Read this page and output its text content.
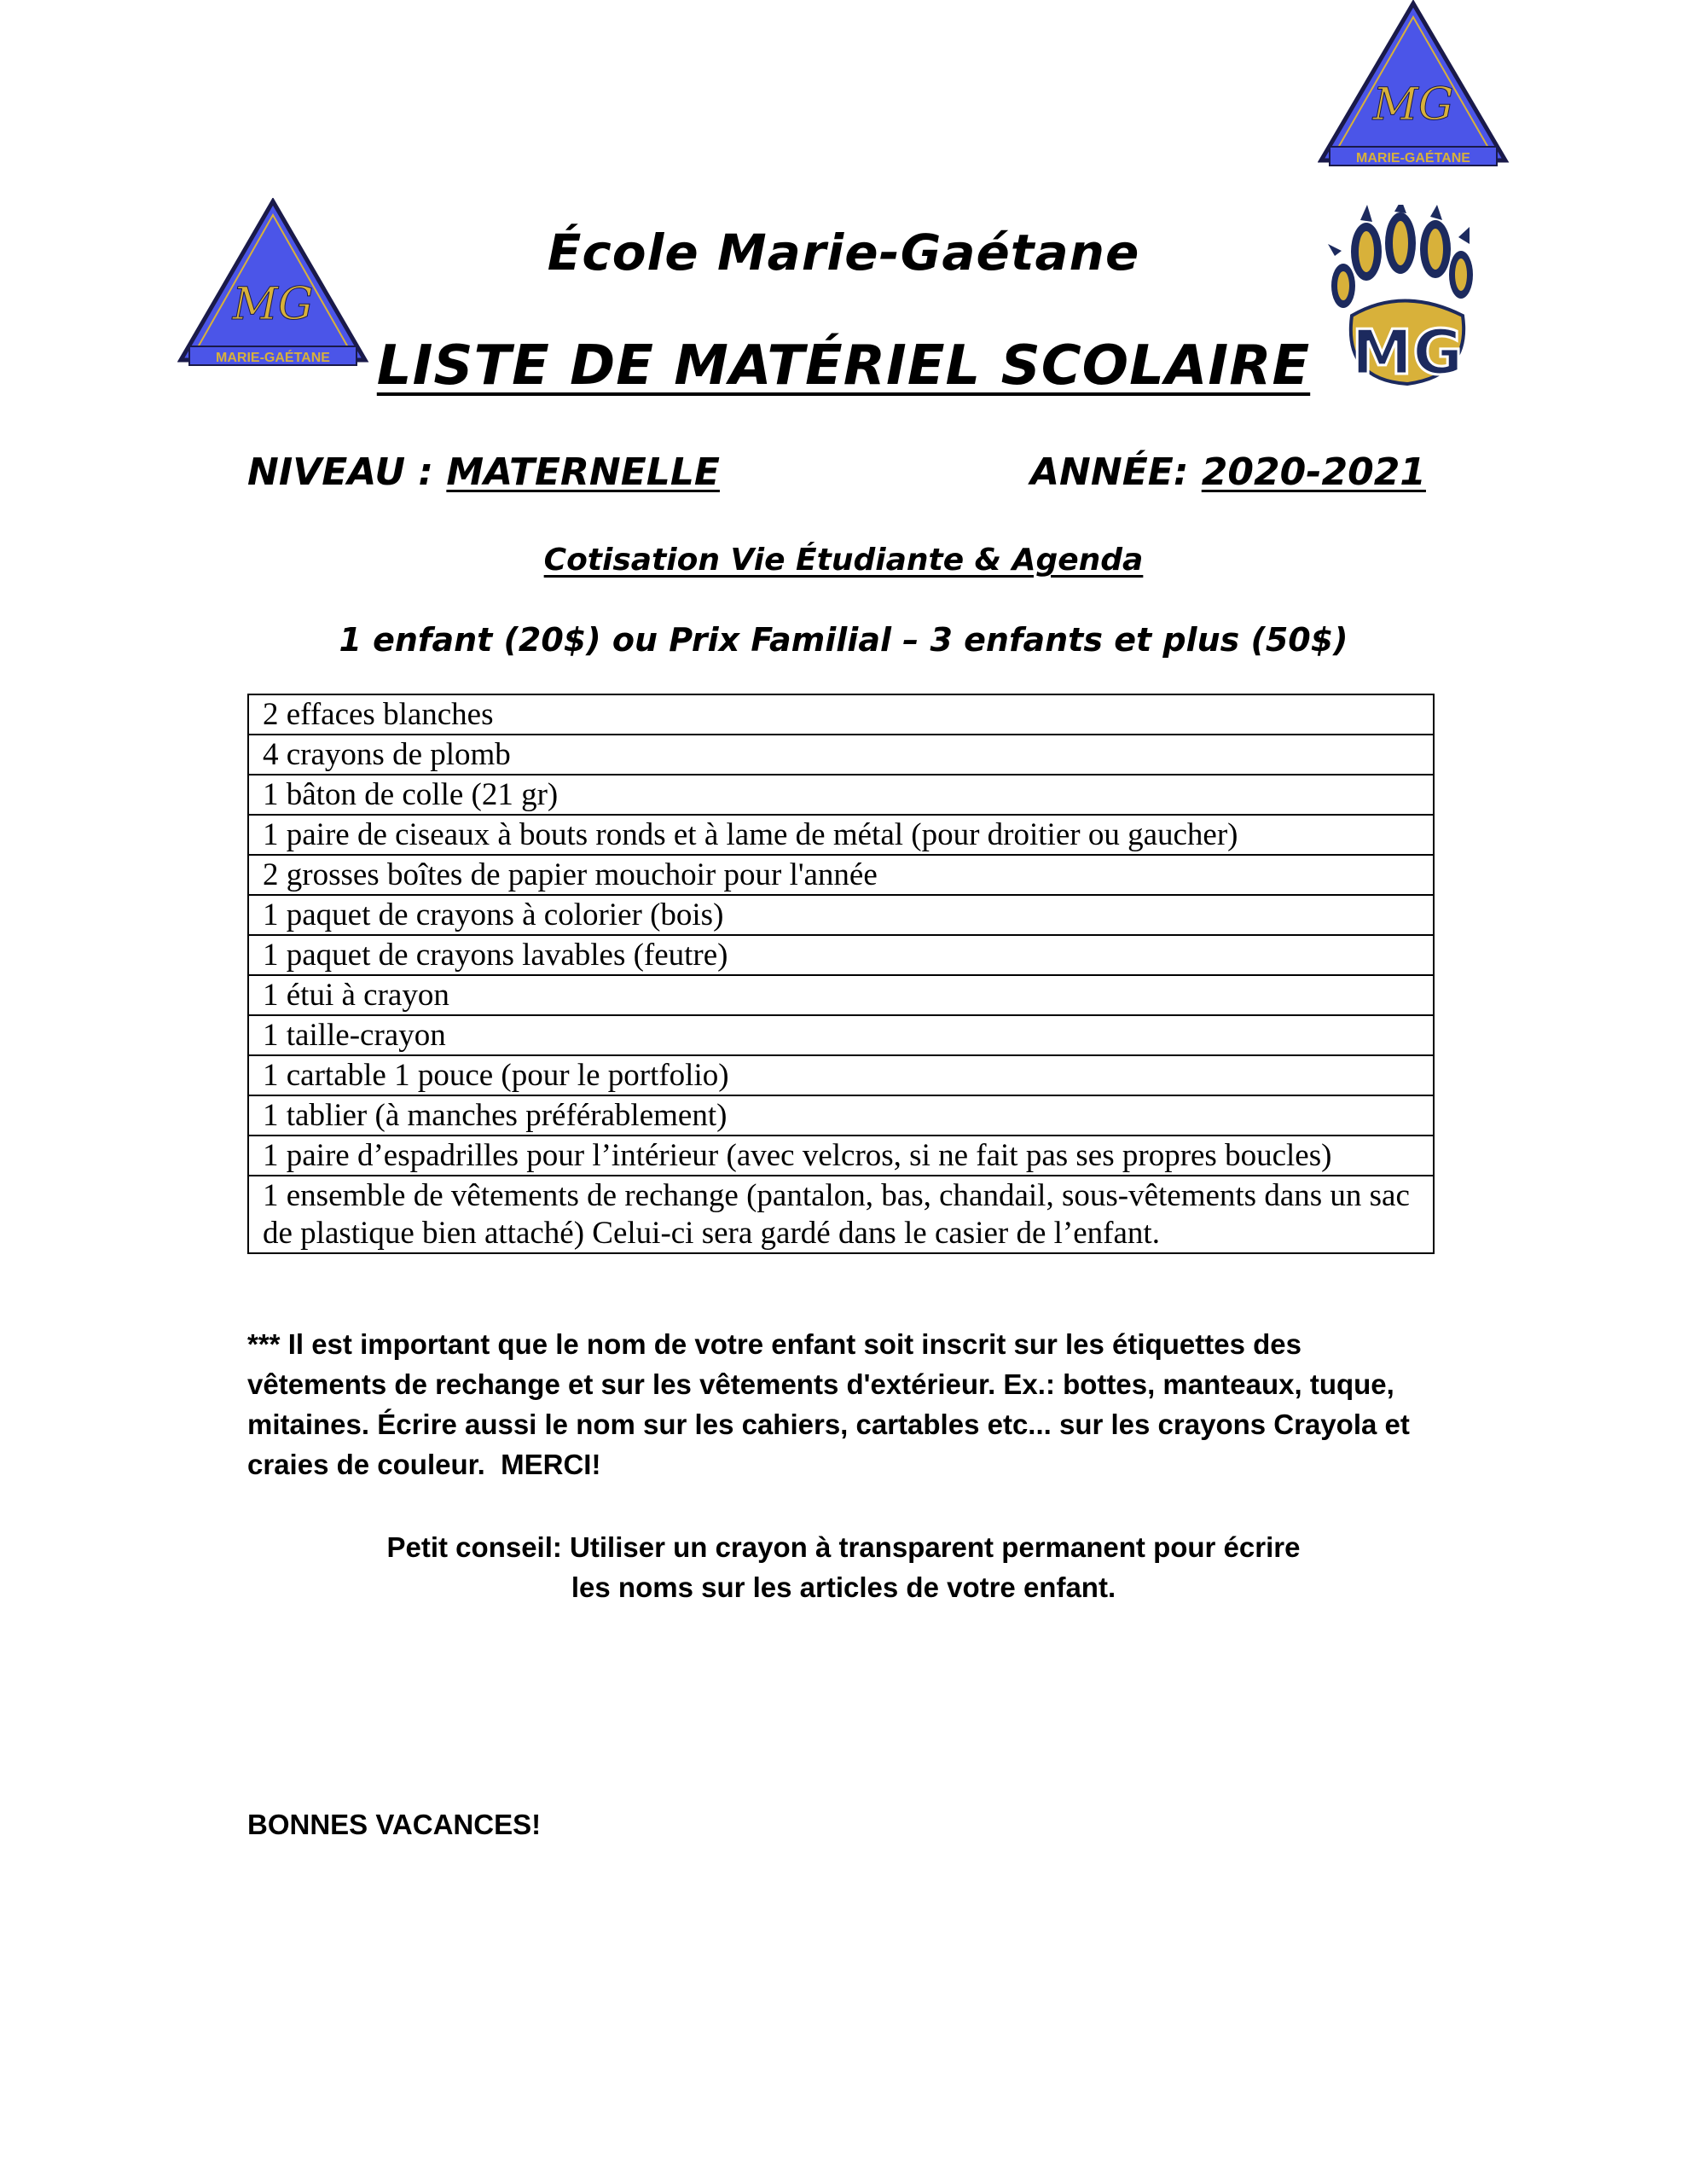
MG
MARIE-GAÉTANE
MG
MARIE-GAÉTANE	MG
École Marie-Gaétane
LISTE DE MATÉRIEL SCOLAIRE
NIVEAU : MATERNELLE	ANNÉE: 2020-2021
Cotisation Vie Étudiante & Agenda
1 enfant (20$) ou Prix Familial – 3 enfants et plus (50$)
2 effaces blanches
4 crayons de plomb
1 bâton de colle (21 gr)
1 paire de ciseaux à bouts ronds et à lame de métal (pour droitier ou gaucher)
2 grosses boîtes de papier mouchoir pour l'année
1 paquet de crayons à colorier (bois)
1 paquet de crayons lavables (feutre)
1 étui à crayon
1 taille-crayon
1 cartable 1 pouce (pour le portfolio)
1 tablier (à manches préférablement)
1 paire d’espadrilles pour l’intérieur (avec velcros, si ne fait pas ses propres boucles)
1 ensemble de vêtements de rechange (pantalon, bas, chandail, sous-vêtements dans un sac de plastique bien attaché) Celui-ci sera gardé dans le casier de l’enfant.
*** Il est important que le nom de votre enfant soit inscrit sur les étiquettes des
vêtements de rechange et sur les vêtements d'extérieur. Ex.: bottes, manteaux, tuque,
mitaines. Écrire aussi le nom sur les cahiers, cartables etc... sur les crayons Crayola et
craies de couleur.  MERCI!
Petit conseil: Utiliser un crayon à transparent permanent pour écrire
les noms sur les articles de votre enfant.
BONNES VACANCES!
